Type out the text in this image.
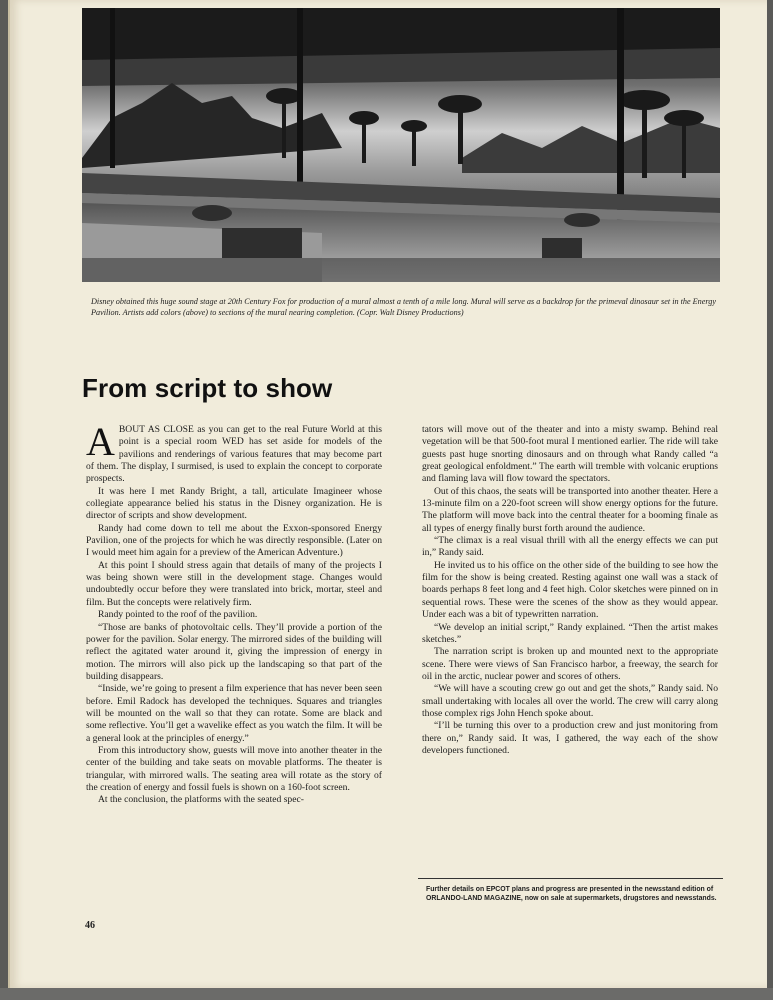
Disney obtained this huge sound stage at 20th Century Fox for production of a mural almost a tenth of a mile long. Mural will serve as a backdrop for the primeval dinosaur set in the Energy Pavilion. Artists add colors (above) to sections of the mural nearing completion. (Copr. Walt Disney Productions)
From script to show

ABOUT AS CLOSE as you can get to the real Future World at this point is a special room WED has set aside for models of the pavilions and renderings of various features that may become part of them. The display, I surmised, is used to explain the concept to corporate prospects.

It was here I met Randy Bright, a tall, articulate Imagineer whose collegiate appearance belied his status in the Disney organization. He is director of scripts and show development.

Randy had come down to tell me about the Exxon-sponsored Energy Pavilion, one of the projects for which he was directly responsible. (Later on I would meet him again for a preview of the American Adventure.)

At this point I should stress again that details of many of the projects I was being shown were still in the development stage. Changes would undoubtedly occur before they were translated into brick, mortar, steel and film. But the concepts were relatively firm.

Randy pointed to the roof of the pavilion.

“Those are banks of photovoltaic cells. They’ll provide a portion of the power for the pavilion. Solar energy. The mirrored sides of the building will reflect the agitated water around it, giving the impression of energy in motion. The mirrors will also pick up the landscaping so that part of the building disappears.

“Inside, we’re going to present a film experience that has never been seen before. Emil Radock has developed the techniques. Squares and triangles will be mounted on the wall so that they can rotate. Some are black and some reflective. You’ll get a wavelike effect as you watch the film. It will be a general look at the principles of energy.”

From this introductory show, guests will move into another theater in the center of the building and take seats on movable platforms. The theater is triangular, with mirrored walls. The seating area will rotate as the story of the creation of energy and fossil fuels is shown on a 160-foot screen.

At the conclusion, the platforms with the seated spec-

tators will move out of the theater and into a misty swamp. Behind real vegetation will be that 500-foot mural I mentioned earlier. The ride will take guests past huge snorting dinosaurs and on through what Randy called “a great geological enfoldment.” The earth will tremble with volcanic eruptions and flaming lava will flow toward the spectators.

Out of this chaos, the seats will be transported into another theater. Here a 13-minute film on a 220-foot screen will show energy options for the future. The platform will move back into the central theater for a booming finale as all types of energy finally burst forth around the audience.

“The climax is a real visual thrill with all the energy effects we can put in,” Randy said.

He invited us to his office on the other side of the building to see how the film for the show is being created. Resting against one wall was a stack of boards perhaps 8 feet long and 4 feet high. Color sketches were pinned on in sequential rows. These were the scenes of the show as they would appear. Under each was a bit of typewritten narration.

“We develop an initial script,” Randy explained. “Then the artist makes sketches.”

The narration script is broken up and mounted next to the appropriate scene. There were views of San Francisco harbor, a freeway, the search for oil in the arctic, nuclear power and scores of others.

“We will have a scouting crew go out and get the shots,” Randy said. No small undertaking with locales all over the world. The crew will carry along those complex rigs John Hench spoke about.

“I’ll be turning this over to a production crew and just monitoring from there on,” Randy said. It was, I gathered, the way each of the show developers functioned.

Further details on EPCOT plans and progress are presented in the newsstand edition of ORLANDO-LAND MAGAZINE, now on sale at supermarkets, drugstores and newsstands.
46
